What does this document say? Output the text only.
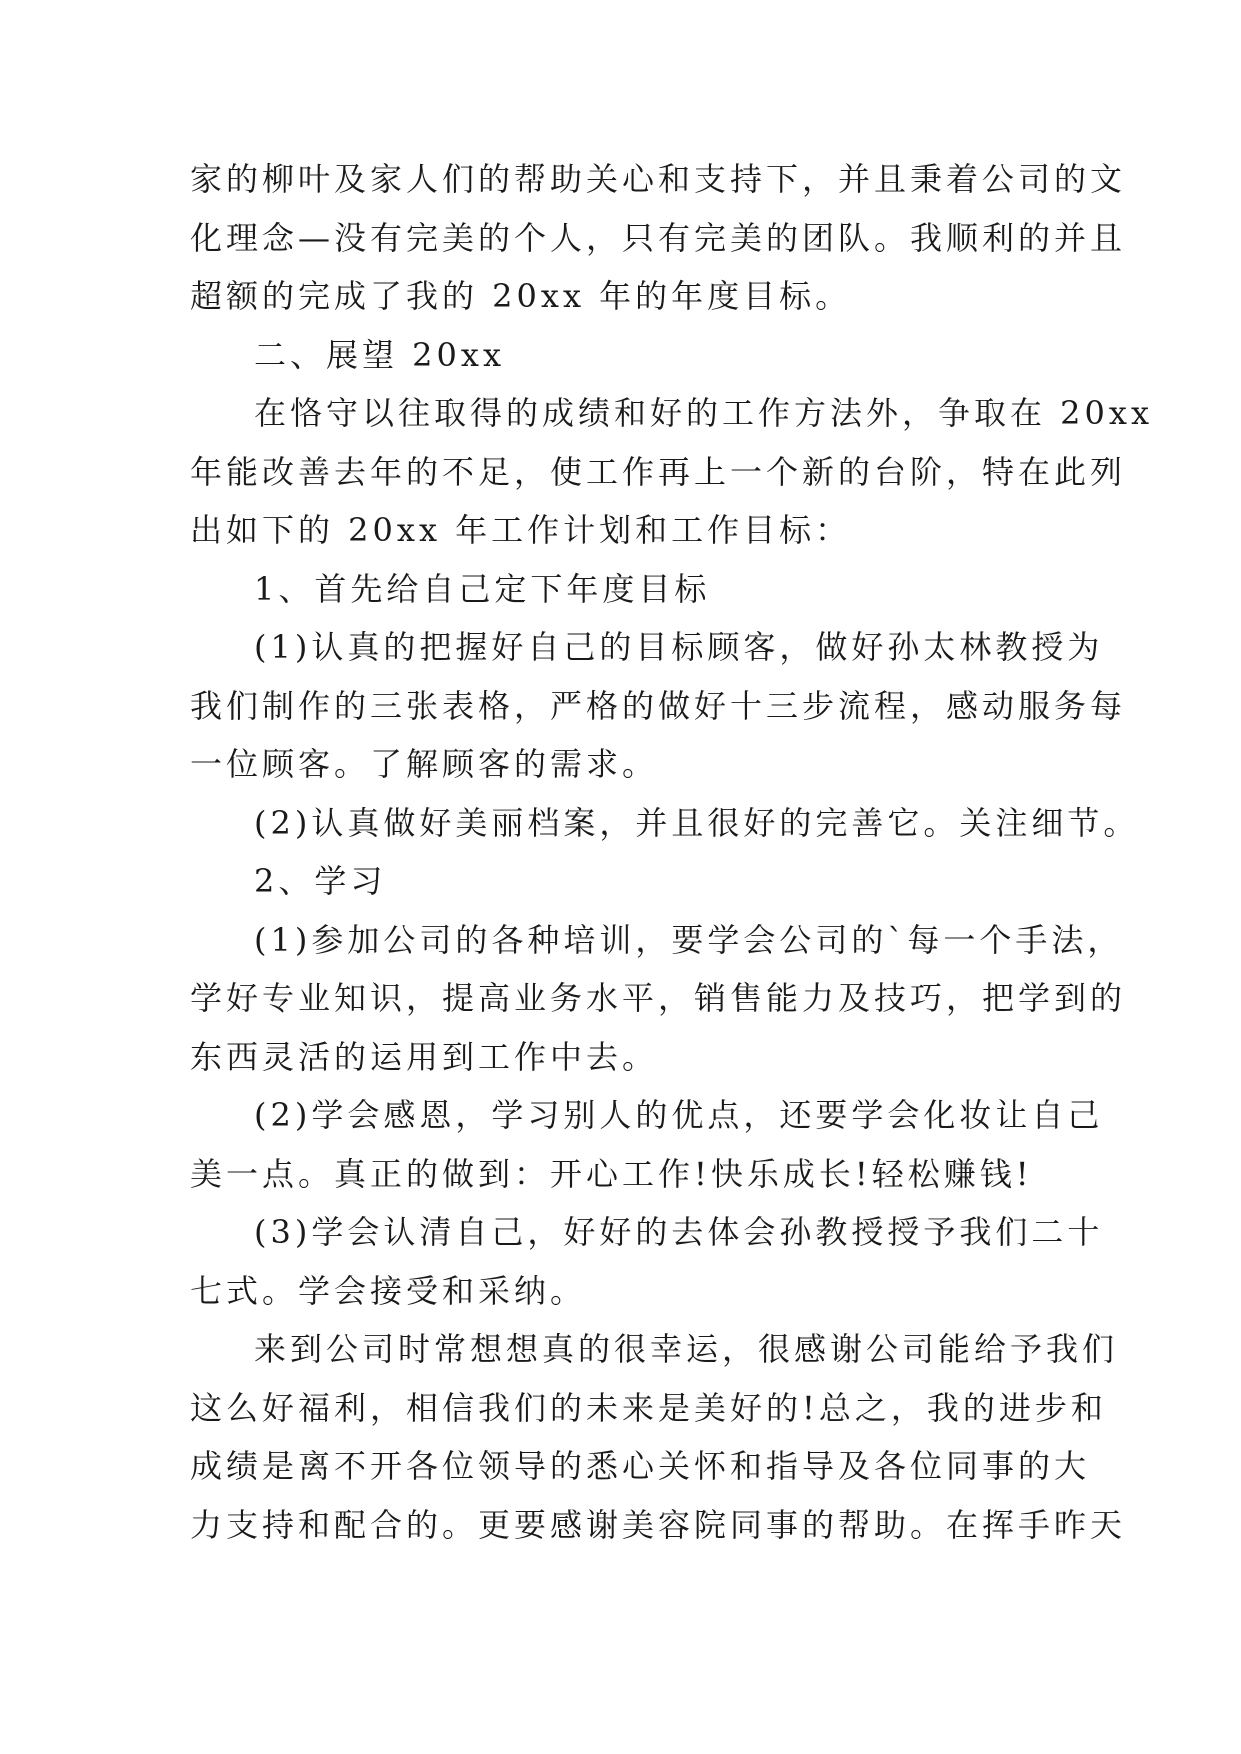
家的柳叶及家人们的帮助关心和支持下，并且秉着公司的文
化理念—没有完美的个人，只有完美的团队。我顺利的并且
超额的完成了我的 20xx 年的年度目标。
二、展望 20xx
在恪守以往取得的成绩和好的工作方法外，争取在 20xx
年能改善去年的不足，使工作再上一个新的台阶，特在此列
出如下的 20xx 年工作计划和工作目标：
1、首先给自己定下年度目标
(1)认真的把握好自己的目标顾客，做好孙太林教授为
我们制作的三张表格，严格的做好十三步流程，感动服务每
一位顾客。了解顾客的需求。
(2)认真做好美丽档案，并且很好的完善它。关注细节。
2、学习
(1)参加公司的各种培训，要学会公司的`每一个手法，
学好专业知识，提高业务水平，销售能力及技巧，把学到的
东西灵活的运用到工作中去。
(2)学会感恩，学习别人的优点，还要学会化妆让自己
美一点。真正的做到：开心工作!快乐成长!轻松赚钱!
(3)学会认清自己，好好的去体会孙教授授予我们二十
七式。学会接受和采纳。
来到公司时常想想真的很幸运，很感谢公司能给予我们
这么好福利，相信我们的未来是美好的!总之，我的进步和
成绩是离不开各位领导的悉心关怀和指导及各位同事的大
力支持和配合的。更要感谢美容院同事的帮助。在挥手昨天
